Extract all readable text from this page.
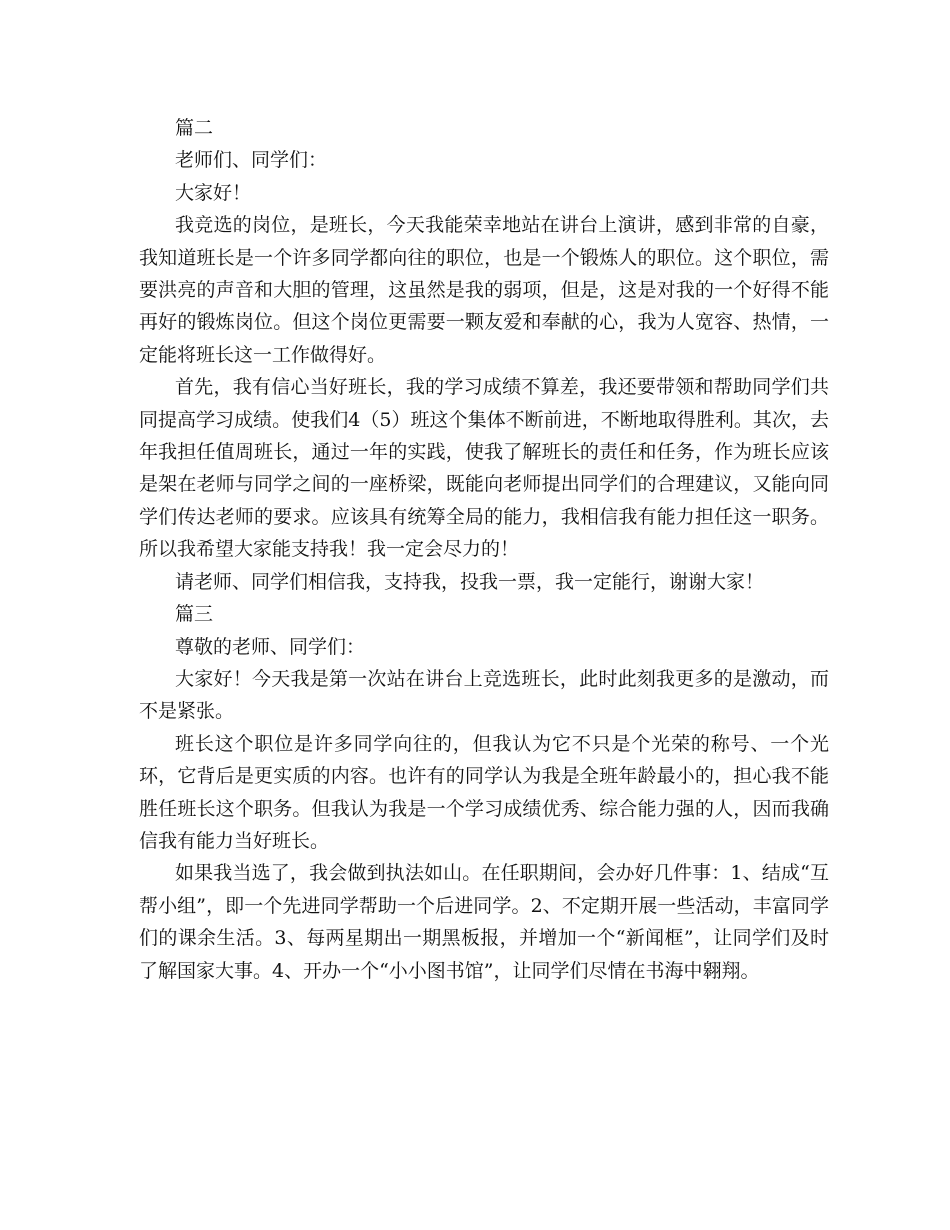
篇二

老师们、同学们：

大家好！

我竞选的岗位，是班长，今天我能荣幸地站在讲台上演讲，感到非常的自豪，我知道班长是一个许多同学都向往的职位，也是一个锻炼人的职位。这个职位，需要洪亮的声音和大胆的管理，这虽然是我的弱项，但是，这是对我的一个好得不能再好的锻炼岗位。但这个岗位更需要一颗友爱和奉献的心，我为人宽容、热情，一定能将班长这一工作做得好。

首先，我有信心当好班长，我的学习成绩不算差，我还要带领和帮助同学们共同提高学习成绩。使我们4（5）班这个集体不断前进，不断地取得胜利。其次，去年我担任值周班长，通过一年的实践，使我了解班长的责任和任务，作为班长应该是架在老师与同学之间的一座桥梁，既能向老师提出同学们的合理建议，又能向同学们传达老师的要求。应该具有统筹全局的能力，我相信我有能力担任这一职务。所以我希望大家能支持我！我一定会尽力的！

请老师、同学们相信我，支持我，投我一票，我一定能行，谢谢大家！

篇三

尊敬的老师、同学们：

大家好！今天我是第一次站在讲台上竞选班长，此时此刻我更多的是激动，而不是紧张。

班长这个职位是许多同学向往的，但我认为它不只是个光荣的称号、一个光环，它背后是更实质的内容。也许有的同学认为我是全班年龄最小的，担心我不能胜任班长这个职务。但我认为我是一个学习成绩优秀、综合能力强的人，因而我确信我有能力当好班长。

如果我当选了，我会做到执法如山。在任职期间，会办好几件事：1、结成“互帮小组”，即一个先进同学帮助一个后进同学。2、不定期开展一些活动，丰富同学们的课余生活。3、每两星期出一期黑板报，并增加一个“新闻框”，让同学们及时了解国家大事。4、开办一个“小小图书馆”，让同学们尽情在书海中翱翔。
